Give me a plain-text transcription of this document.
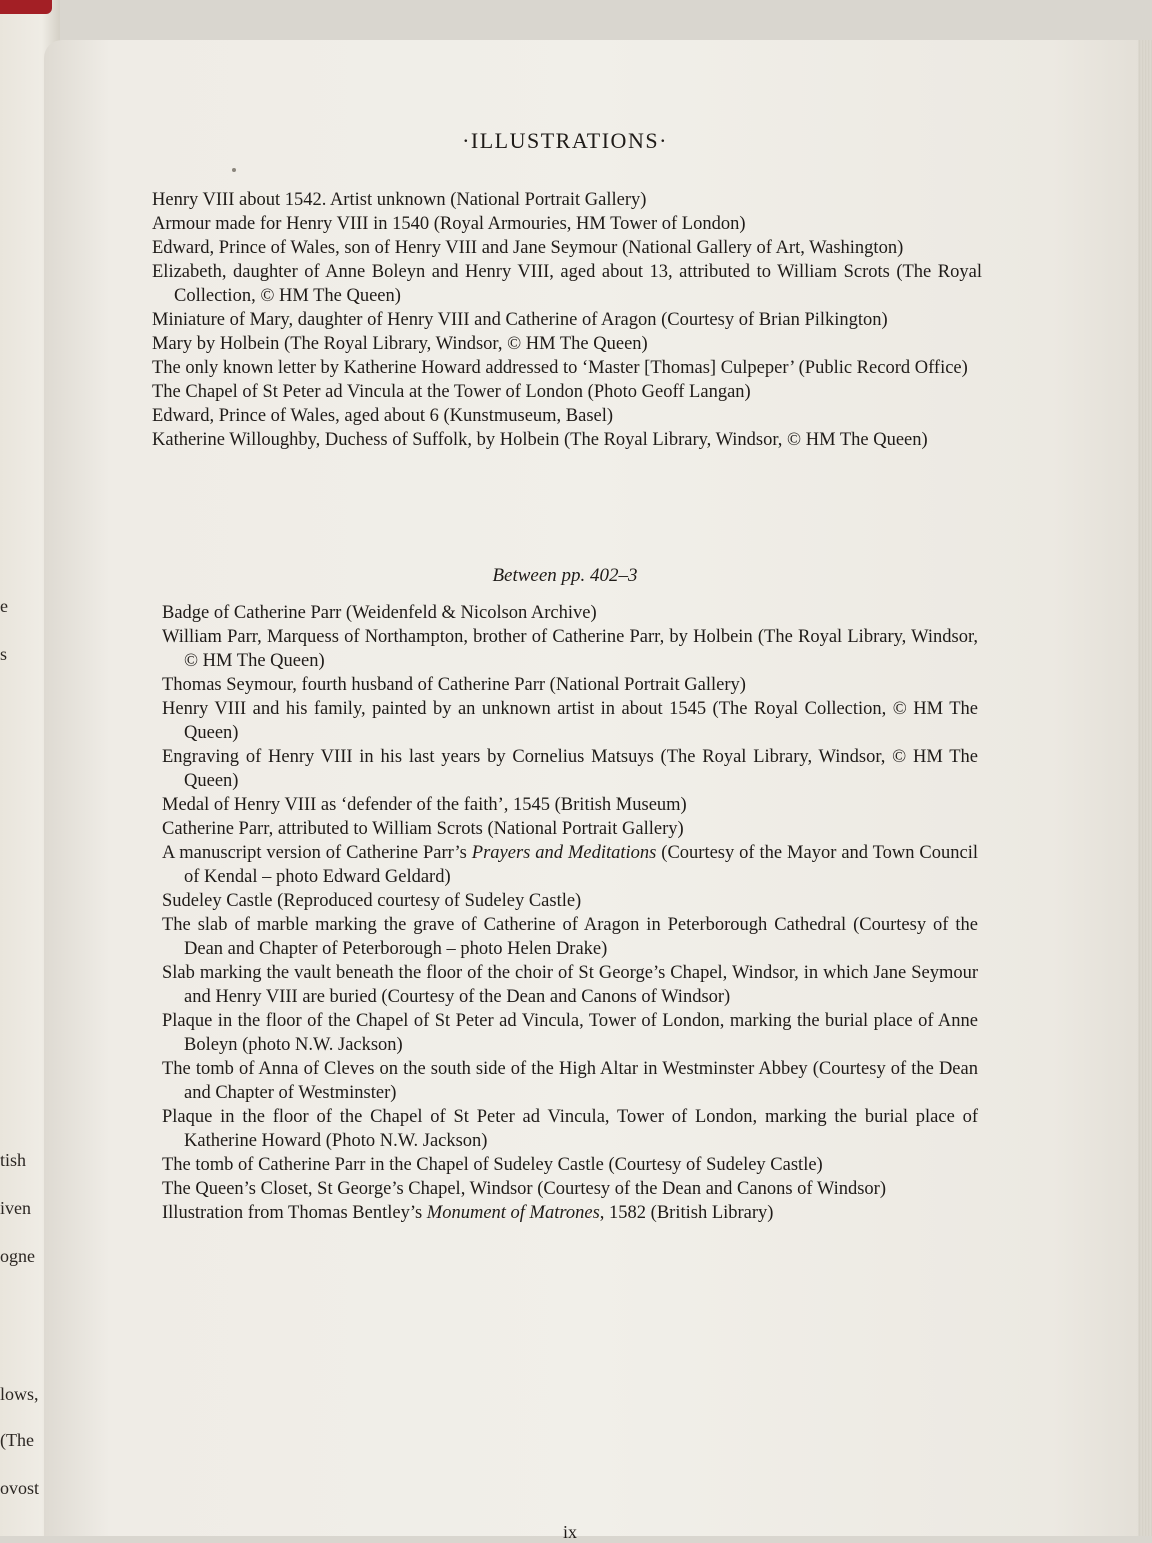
e
s
tish
iven
ogne
lows,
(The
ovost
·ILLUSTRATIONS·
Henry VIII about 1542. Artist unknown (National Portrait Gallery)
Armour made for Henry VIII in 1540 (Royal Armouries, HM Tower of London)
Edward, Prince of Wales, son of Henry VIII and Jane Seymour (National Gallery of Art, Washington)
Elizabeth, daughter of Anne Boleyn and Henry VIII, aged about 13, attributed to William Scrots (The Royal Collection, © HM The Queen)
Miniature of Mary, daughter of Henry VIII and Catherine of Aragon (Courtesy of Brian Pilkington)
Mary by Holbein (The Royal Library, Windsor, © HM The Queen)
The only known letter by Katherine Howard addressed to ‘Master [Thomas] Culpeper’ (Public Record Office)
The Chapel of St Peter ad Vincula at the Tower of London (Photo Geoff Langan)
Edward, Prince of Wales, aged about 6 (Kunstmuseum, Basel)
Katherine Willoughby, Duchess of Suffolk, by Holbein (The Royal Library, Windsor, © HM The Queen)
Between pp. 402–3
Badge of Catherine Parr (Weidenfeld & Nicolson Archive)
William Parr, Marquess of Northampton, brother of Catherine Parr, by Holbein (The Royal Library, Windsor, © HM The Queen)
Thomas Seymour, fourth husband of Catherine Parr (National Portrait Gallery)
Henry VIII and his family, painted by an unknown artist in about 1545 (The Royal Collection, © HM The Queen)
Engraving of Henry VIII in his last years by Cornelius Matsuys (The Royal Library, Windsor, © HM The Queen)
Medal of Henry VIII as ‘defender of the faith’, 1545 (British Museum)
Catherine Parr, attributed to William Scrots (National Portrait Gallery)
A manuscript version of Catherine Parr’s Prayers and Meditations (Courtesy of the Mayor and Town Council of Kendal – photo Edward Geldard)
Sudeley Castle (Reproduced courtesy of Sudeley Castle)
The slab of marble marking the grave of Catherine of Aragon in Peterborough Cathedral (Courtesy of the Dean and Chapter of Peterborough – photo Helen Drake)
Slab marking the vault beneath the floor of the choir of St George’s Chapel, Windsor, in which Jane Seymour and Henry VIII are buried (Courtesy of the Dean and Canons of Windsor)
Plaque in the floor of the Chapel of St Peter ad Vincula, Tower of London, marking the burial place of Anne Boleyn (photo N.W. Jackson)
The tomb of Anna of Cleves on the south side of the High Altar in Westminster Abbey (Courtesy of the Dean and Chapter of Westminster)
Plaque in the floor of the Chapel of St Peter ad Vincula, Tower of London, marking the burial place of Katherine Howard (Photo N.W. Jackson)
The tomb of Catherine Parr in the Chapel of Sudeley Castle (Courtesy of Sudeley Castle)
The Queen’s Closet, St George’s Chapel, Windsor (Courtesy of the Dean and Canons of Windsor)
Illustration from Thomas Bentley’s Monument of Matrones, 1582 (British Library)
ix
